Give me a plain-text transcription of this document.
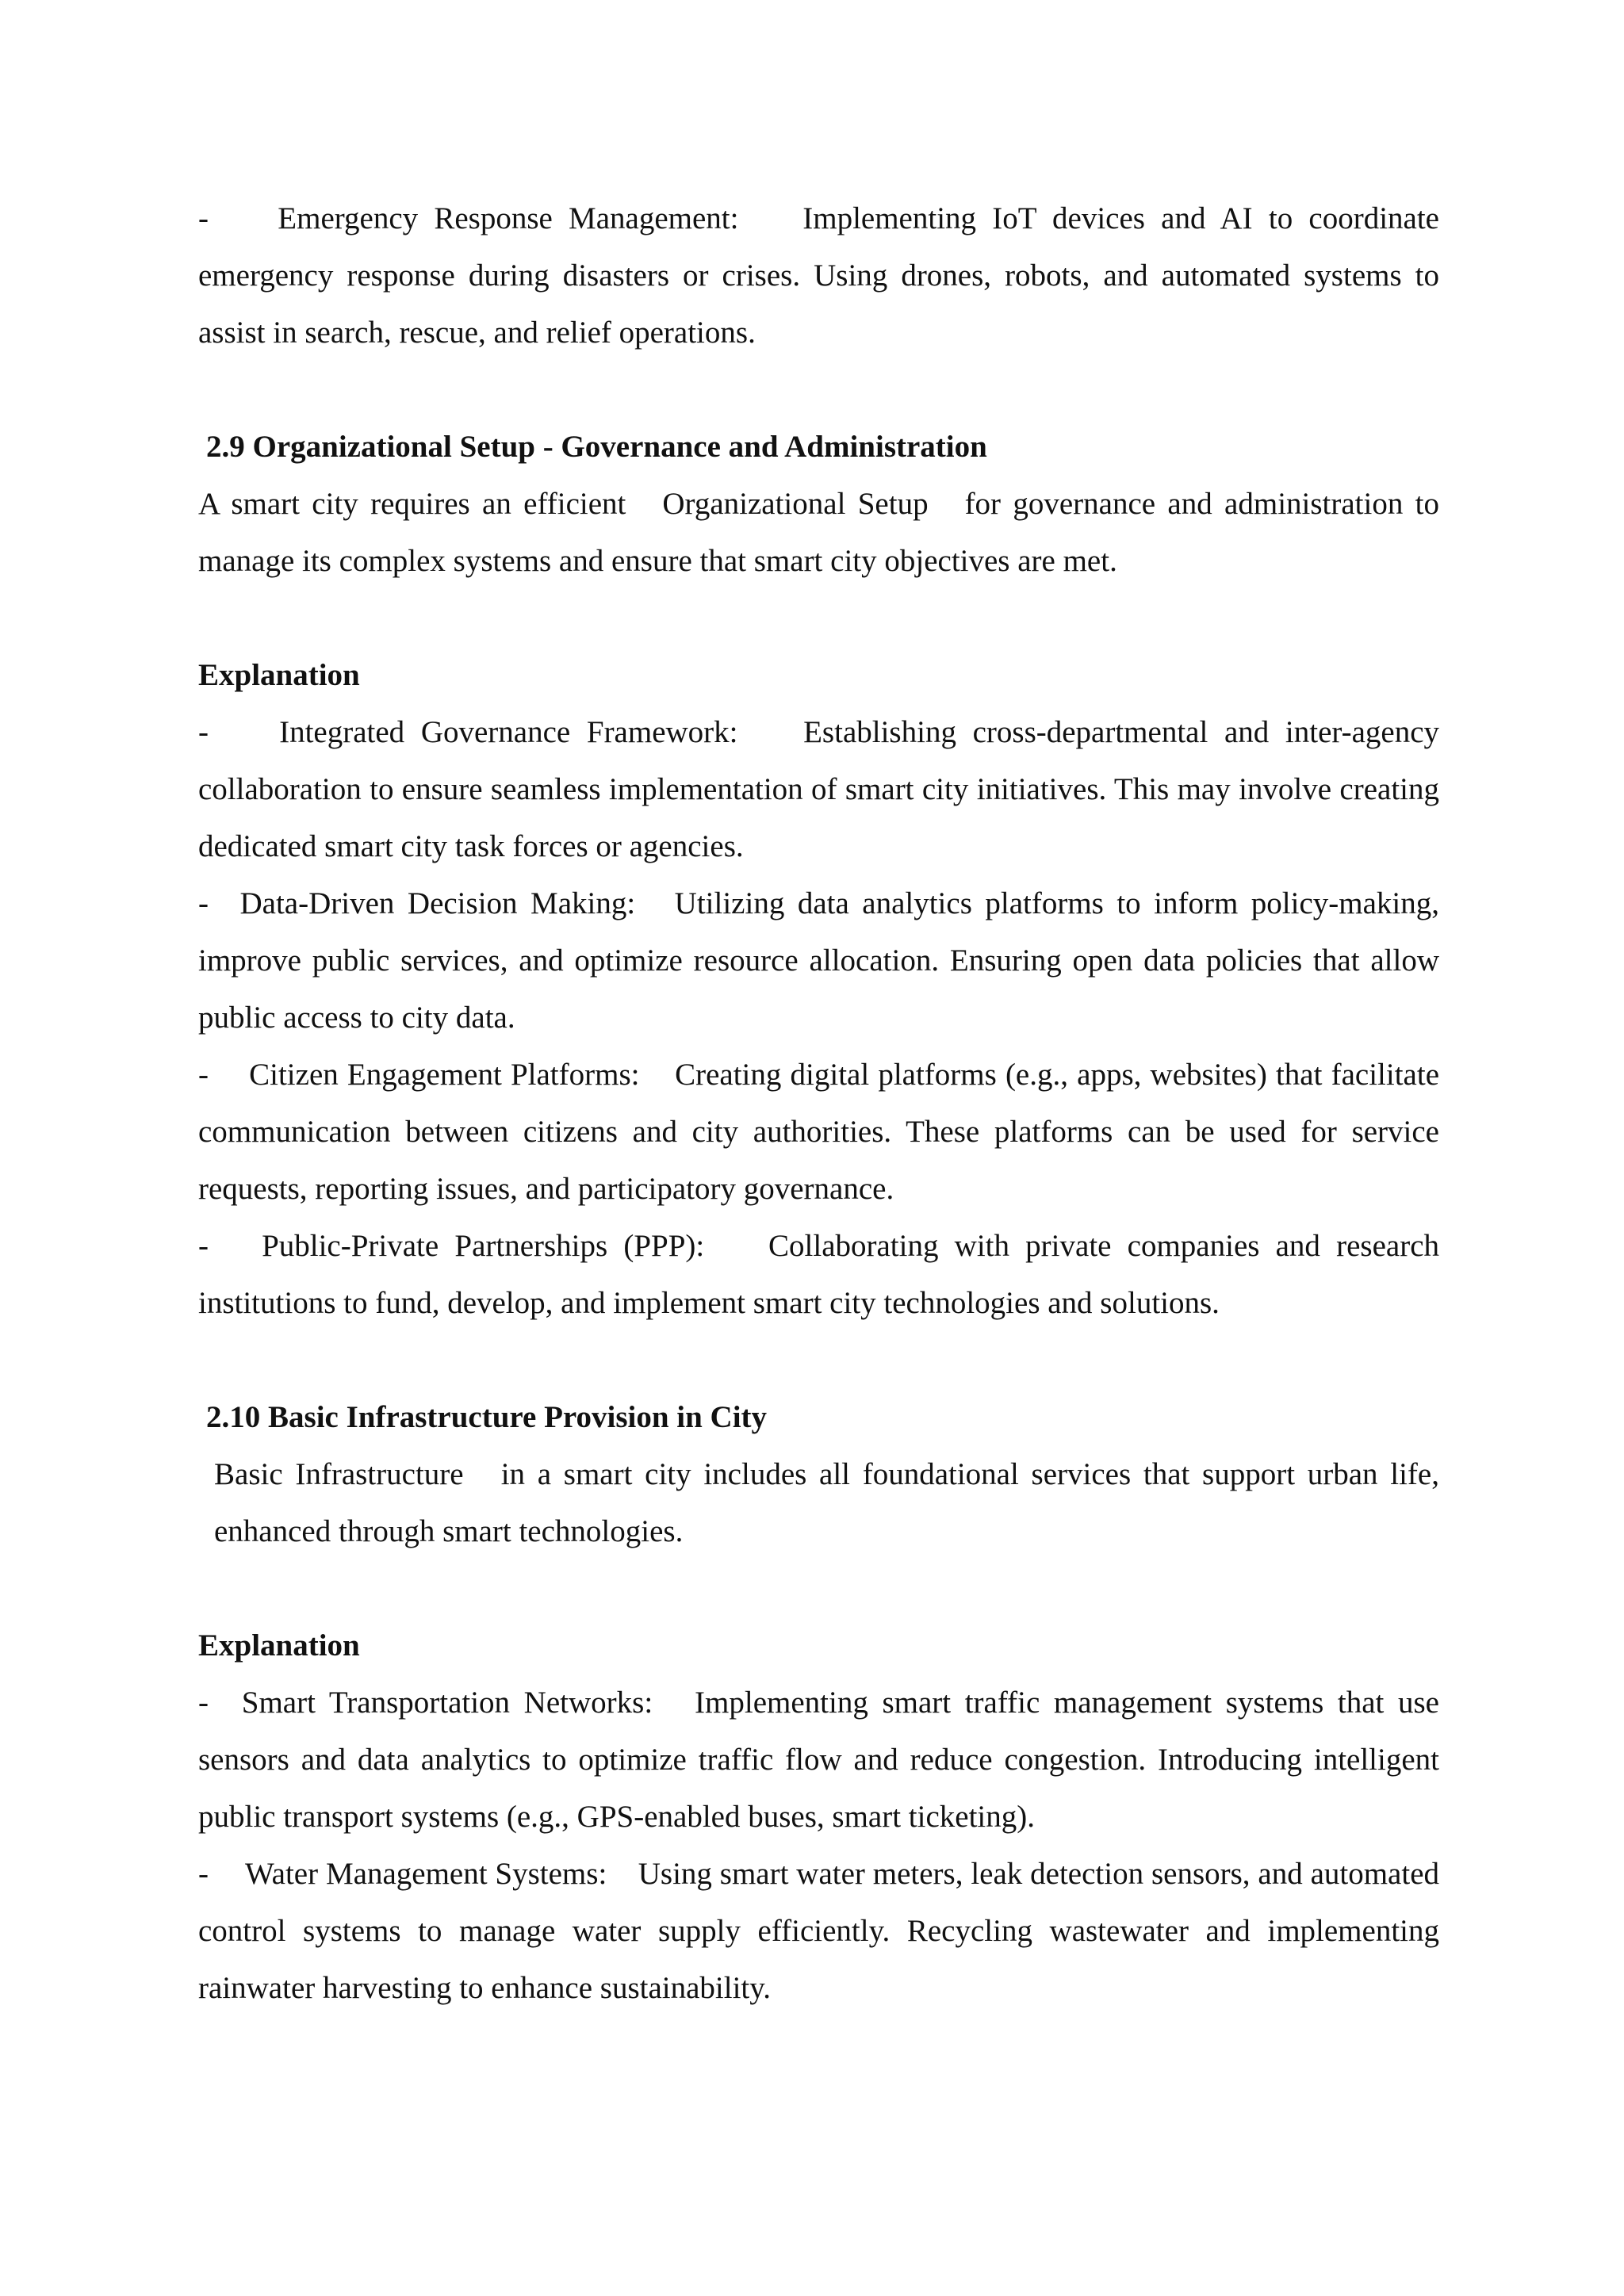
- Emergency Response Management: Implementing IoT devices and AI to coordinate emergency response during disasters or crises. Using drones, robots, and automated systems to assist in search, rescue, and relief operations.

2.9 Organizational Setup - Governance and Administration

A smart city requires an efficient Organizational Setup for governance and administration to manage its complex systems and ensure that smart city objectives are met.

Explanation

- Integrated Governance Framework: Establishing cross-departmental and inter-agency collaboration to ensure seamless implementation of smart city initiatives. This may involve creating dedicated smart city task forces or agencies.

- Data-Driven Decision Making: Utilizing data analytics platforms to inform policy-making, improve public services, and optimize resource allocation. Ensuring open data policies that allow public access to city data.

- Citizen Engagement Platforms: Creating digital platforms (e.g., apps, websites) that facilitate communication between citizens and city authorities. These platforms can be used for service requests, reporting issues, and participatory governance.

- Public-Private Partnerships (PPP): Collaborating with private companies and research institutions to fund, develop, and implement smart city technologies and solutions.

2.10 Basic Infrastructure Provision in City

Basic Infrastructure in a smart city includes all foundational services that support urban life, enhanced through smart technologies.

Explanation

- Smart Transportation Networks: Implementing smart traffic management systems that use sensors and data analytics to optimize traffic flow and reduce congestion. Introducing intelligent public transport systems (e.g., GPS-enabled buses, smart ticketing).

- Water Management Systems: Using smart water meters, leak detection sensors, and automated control systems to manage water supply efficiently. Recycling wastewater and implementing rainwater harvesting to enhance sustainability.
